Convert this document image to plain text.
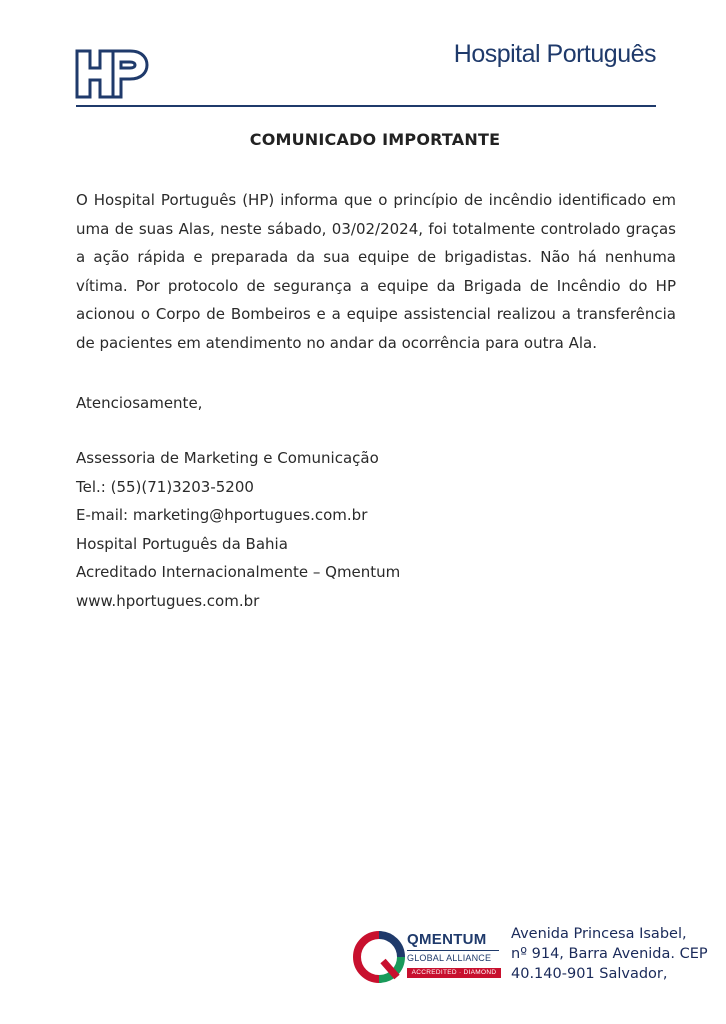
Hospital Português
COMUNICADO IMPORTANTE
O Hospital Português (HP) informa que o princípio de incêndio identificado em uma de suas Alas, neste sábado, 03/02/2024, foi totalmente controlado graças a ação rápida e preparada da sua equipe de brigadistas. Não há nenhuma vítima. Por protocolo de segurança a equipe da Brigada de Incêndio do HP acionou o Corpo de Bombeiros e a equipe assistencial realizou a transferência de pacientes em atendimento no andar da ocorrência para outra Ala.
Atenciosamente,
Assessoria de Marketing e Comunicação
Tel.: (55)(71)3203-5200
E-mail: marketing@hportugues.com.br
Hospital Português da Bahia
Acreditado Internacionalmente – Qmentum
www.hportugues.com.br
QMENTUM
GLOBAL ALLIANCE
ACCREDITED · DIAMOND
Avenida Princesa Isabel,
nº 914, Barra Avenida. CEP
40.140-901 Salvador,
